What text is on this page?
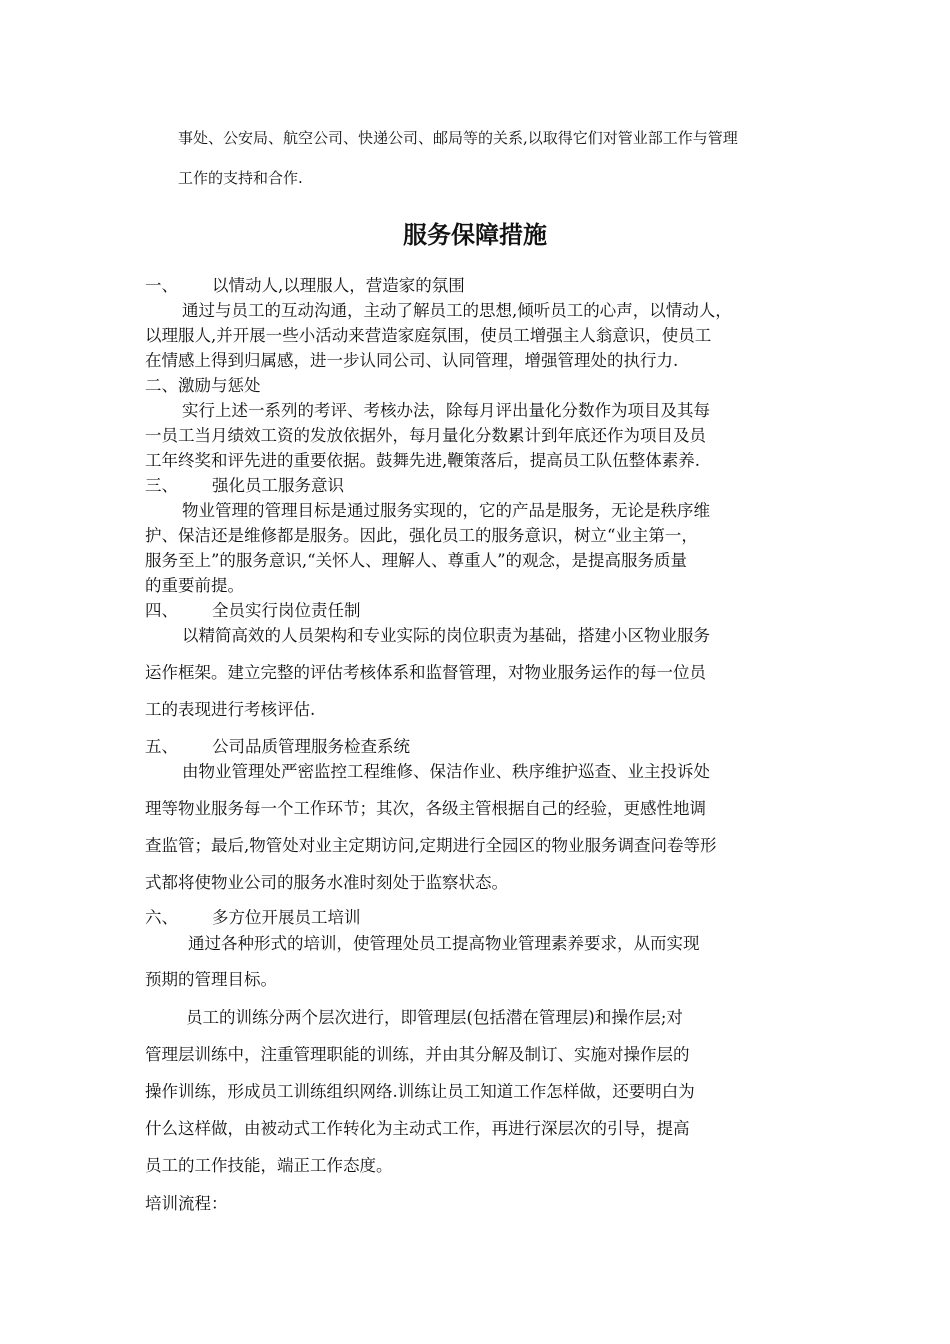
事处、公安局、航空公司、快递公司、邮局等的关系,以取得它们对管业部工作与管理
工作的支持和合作.
服务保障措施
一、 以情动人,以理服人，营造家的氛围
通过与员工的互动沟通，主动了解员工的思想,倾听员工的心声，以情动人，
以理服人,并开展一些小活动来营造家庭氛围，使员工增强主人翁意识，使员工
在情感上得到归属感，进一步认同公司、认同管理，增强管理处的执行力.
二、激励与惩处
实行上述一系列的考评、考核办法，除每月评出量化分数作为项目及其每
一员工当月绩效工资的发放依据外，每月量化分数累计到年底还作为项目及员
工年终奖和评先进的重要依据。鼓舞先进,鞭策落后，提高员工队伍整体素养.
三、 强化员工服务意识
物业管理的管理目标是通过服务实现的，它的产品是服务，无论是秩序维
护、保洁还是维修都是服务。因此，强化员工的服务意识，树立“业主第一，
服务至上”的服务意识,“关怀人、理解人、尊重人”的观念，是提高服务质量
的重要前提。
四、 全员实行岗位责任制
以精简高效的人员架构和专业实际的岗位职责为基础，搭建小区物业服务
运作框架。建立完整的评估考核体系和监督管理，对物业服务运作的每一位员
工的表现进行考核评估.
五、 公司品质管理服务检查系统
由物业管理处严密监控工程维修、保洁作业、秩序维护巡查、业主投诉处
理等物业服务每一个工作环节；其次，各级主管根据自己的经验，更感性地调
查监管；最后,物管处对业主定期访问,定期进行全园区的物业服务调查问卷等形
式都将使物业公司的服务水准时刻处于监察状态。
六、 多方位开展员工培训
通过各种形式的培训，使管理处员工提高物业管理素养要求，从而实现
预期的管理目标。
员工的训练分两个层次进行，即管理层(包括潜在管理层)和操作层;对
管理层训练中，注重管理职能的训练，并由其分解及制订、实施对操作层的
操作训练，形成员工训练组织网络.训练让员工知道工作怎样做，还要明白为
什么这样做，由被动式工作转化为主动式工作，再进行深层次的引导，提高
员工的工作技能，端正工作态度。
培训流程：
